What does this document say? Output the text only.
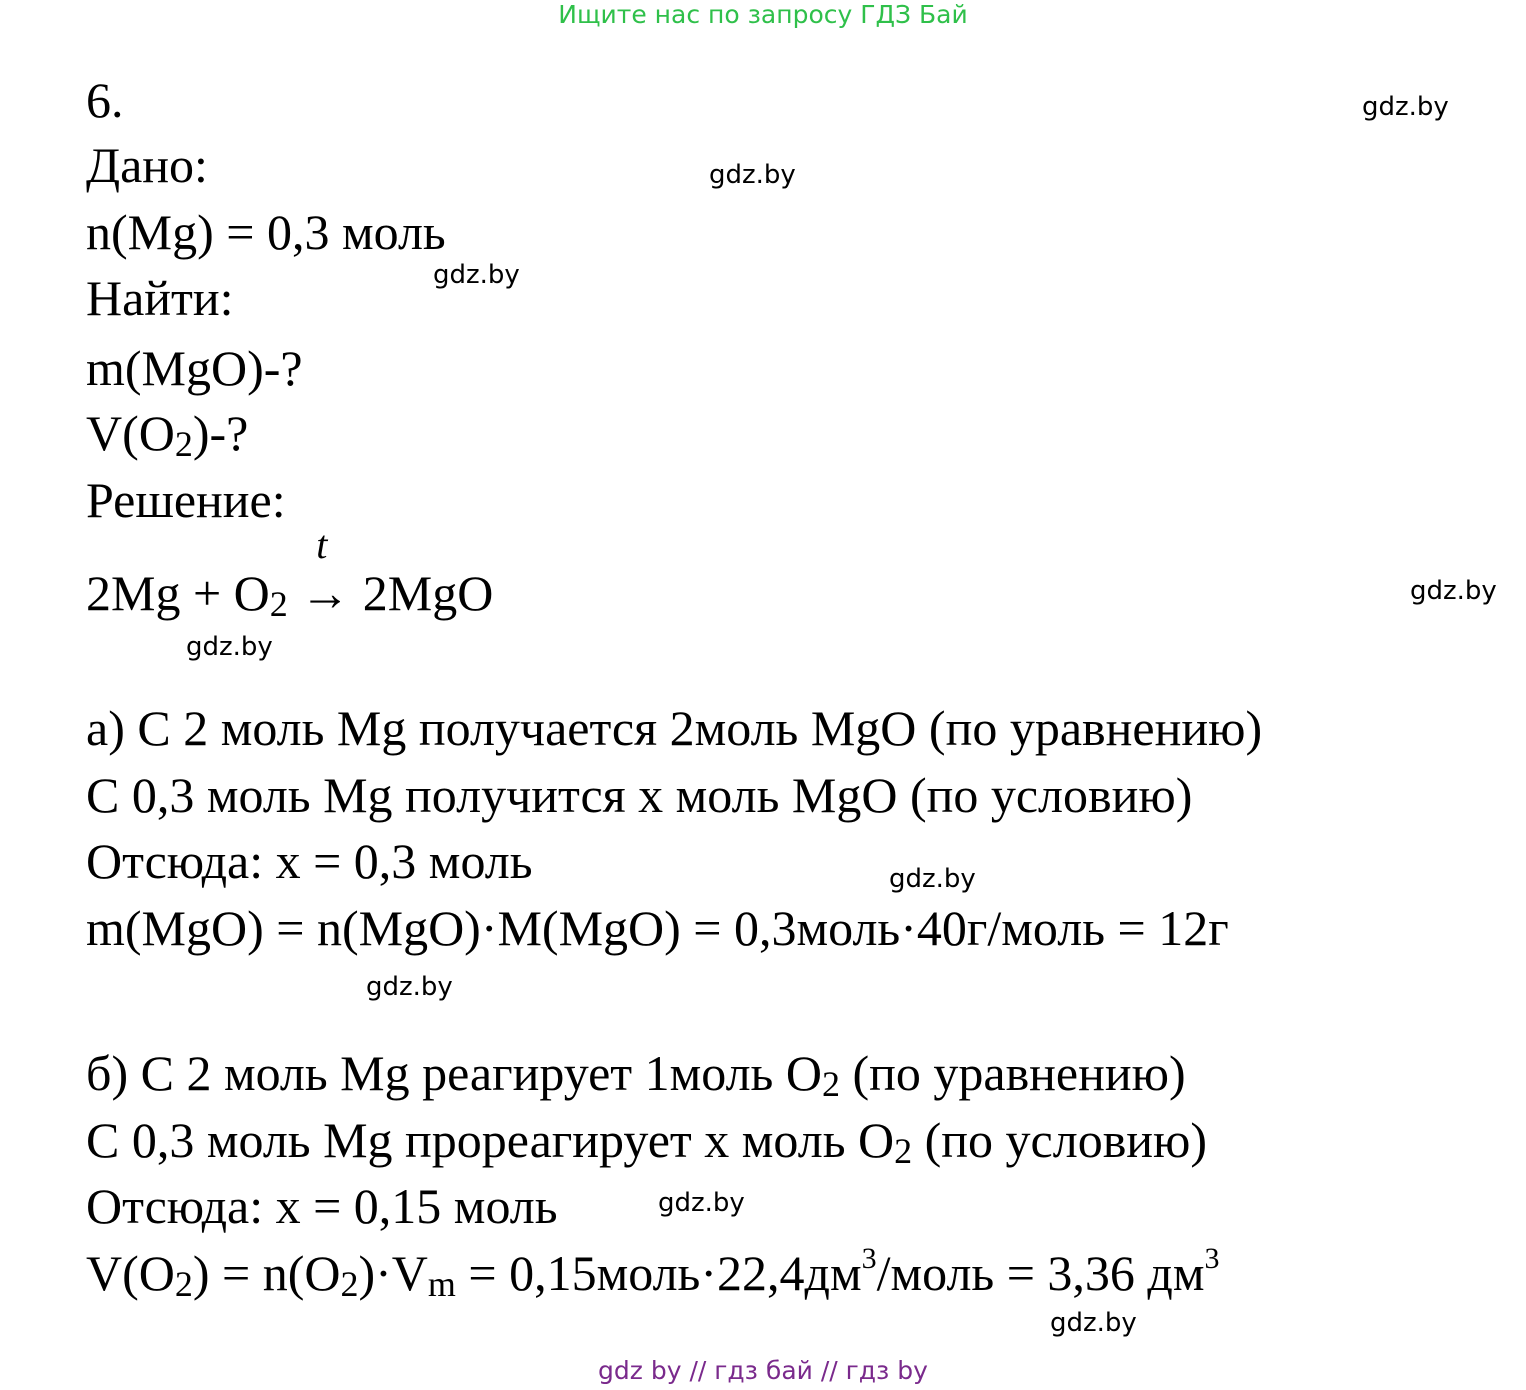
Ищите нас по запросу ГДЗ Бай
6.
Дано:
n(Mg) = 0,3 моль
Найти:
m(MgO)-?
$V(O_2)-$?
Решение:
$2Mg + O_2$
t
→ 2MgO
а) С 2 моль Mg получается 2моль MgO (по уравнению)
С 0,3 моль Mg получится х моль MgO (по условию)
Отсюда: х = 0,3 моль
m(MgO) = n(MgO)·M(MgO) = 0,3моль·40г/моль = 12г
б) С 2 моль Mg реагирует 1моль $O_2$ (по уравнению)
С 0,3 моль Mg прореагирует х моль $O_2$ (по условию)
Отсюда: х = 0,15 моль
$V(O_2) = n(O_2)\cdot V_m$ = $0,15моль\cdot 22,4дм^3$/моль = 3,36 $дм^3$
gdz.by
gdz.by
gdz.by
gdz.by
gdz.by
gdz.by
gdz.by
gdz.by
gdz.by
gdz by // гдз бай // гдз by
